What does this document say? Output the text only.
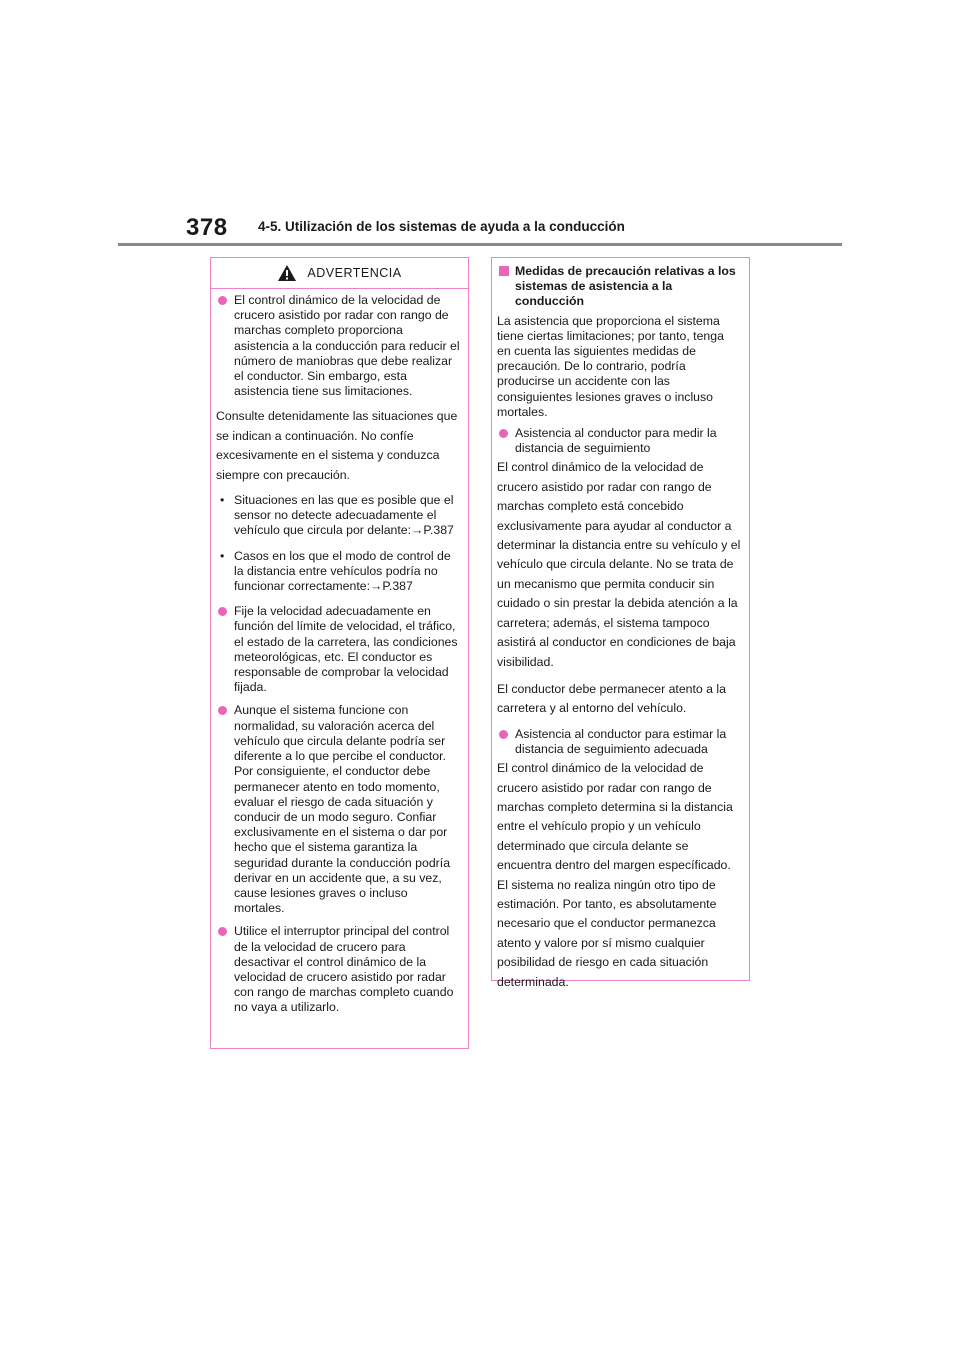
378 4-5. Utilización de los sistemas de ayuda a la conducción
ADVERTENCIA
El control dinámico de la velocidad de crucero asistido por radar con rango de marchas completo proporciona asistencia a la conducción para reducir el número de maniobras que debe realizar el conductor. Sin embargo, esta asistencia tiene sus limitaciones.
Consulte detenidamente las situaciones que se indican a continuación. No confíe excesivamente en el sistema y conduzca siempre con precaución.
• Situaciones en las que es posible que el sensor no detecte adecuadamente el vehículo que circula por delante:→P.387
• Casos en los que el modo de control de la distancia entre vehículos podría no funcionar correctamente:→P.387
Fije la velocidad adecuadamente en función del límite de velocidad, el tráfico, el estado de la carretera, las condiciones meteorológicas, etc. El conductor es responsable de comprobar la velocidad fijada.
Aunque el sistema funcione con normalidad, su valoración acerca del vehículo que circula delante podría ser diferente a lo que percibe el conductor. Por consiguiente, el conductor debe permanecer atento en todo momento, evaluar el riesgo de cada situación y conducir de un modo seguro. Confiar exclusivamente en el sistema o dar por hecho que el sistema garantiza la seguridad durante la conducción podría derivar en un accidente que, a su vez, cause lesiones graves o incluso mortales.
Utilice el interruptor principal del control de la velocidad de crucero para desactivar el control dinámico de la velocidad de crucero asistido por radar con rango de marchas completo cuando no vaya a utilizarlo.
Medidas de precaución relativas a los sistemas de asistencia a la conducción
La asistencia que proporciona el sistema tiene ciertas limitaciones; por tanto, tenga en cuenta las siguientes medidas de precaución. De lo contrario, podría producirse un accidente con las consiguientes lesiones graves o incluso mortales.
Asistencia al conductor para medir la distancia de seguimiento
El control dinámico de la velocidad de crucero asistido por radar con rango de marchas completo está concebido exclusivamente para ayudar al conductor a determinar la distancia entre su vehículo y el vehículo que circula delante. No se trata de un mecanismo que permita conducir sin cuidado o sin prestar la debida atención a la carretera; además, el sistema tampoco asistirá al conductor en condiciones de baja visibilidad.
El conductor debe permanecer atento a la carretera y al entorno del vehículo.
Asistencia al conductor para estimar la distancia de seguimiento adecuada
El control dinámico de la velocidad de crucero asistido por radar con rango de marchas completo determina si la distancia entre el vehículo propio y un vehículo determinado que circula delante se encuentra dentro del margen específicado. El sistema no realiza ningún otro tipo de estimación. Por tanto, es absolutamente necesario que el conductor permanezca atento y valore por sí mismo cualquier posibilidad de riesgo en cada situación determinada.
